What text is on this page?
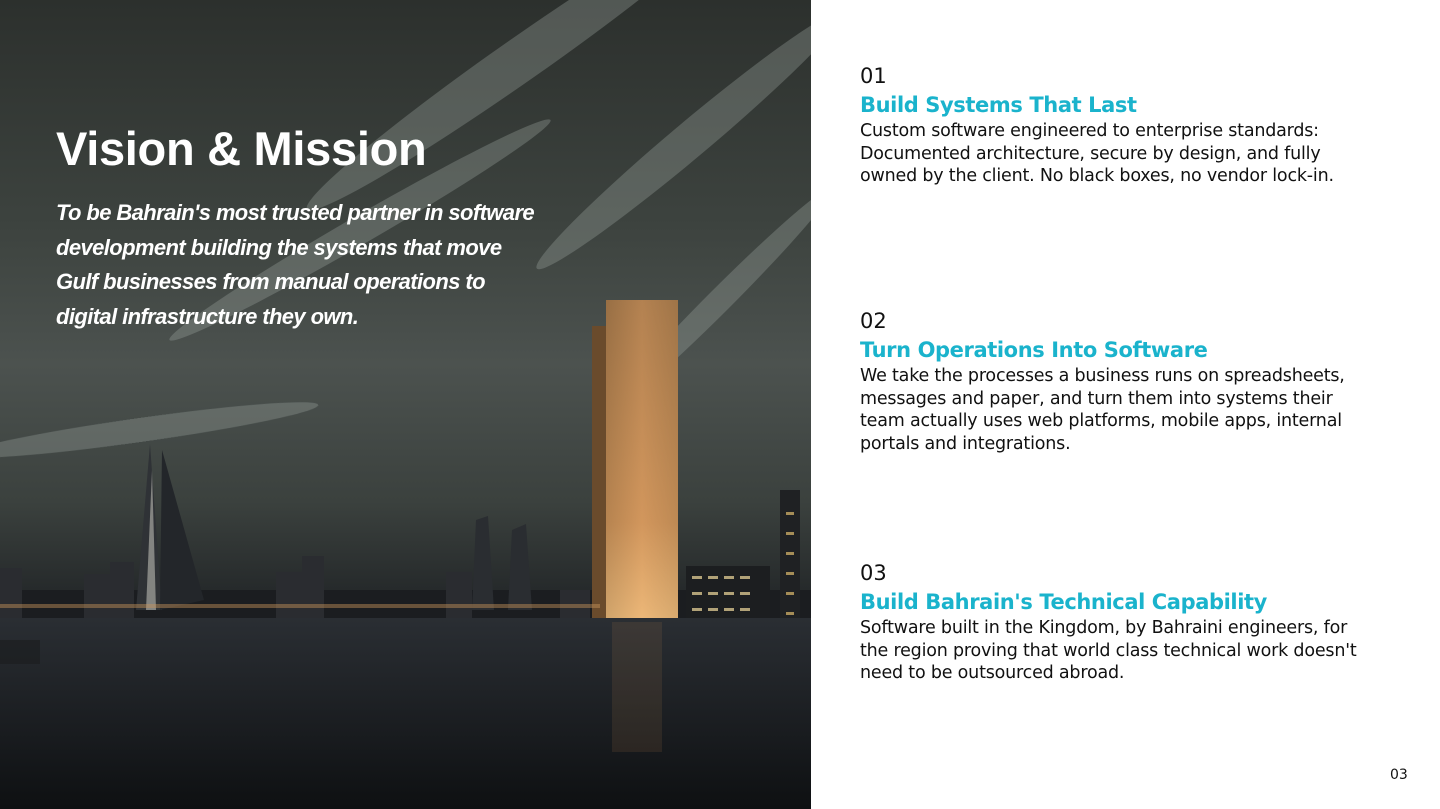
Vision & Mission

To be Bahrain's most trusted partner in software development building the systems that move Gulf businesses from manual operations to digital infrastructure they own.

01
Build Systems That Last

Custom software engineered to enterprise standards:
Documented architecture, secure by design, and fully owned by the client. No black boxes, no vendor lock-in.

02
Turn Operations Into Software

We take the processes a business runs on spreadsheets, messages and paper, and turn them into systems their team actually uses web platforms, mobile apps, internal portals and integrations.

03
Build Bahrain's Technical Capability

Software built in the Kingdom, by Bahraini engineers, for the region proving that world class technical work doesn't need to be outsourced abroad.

03
